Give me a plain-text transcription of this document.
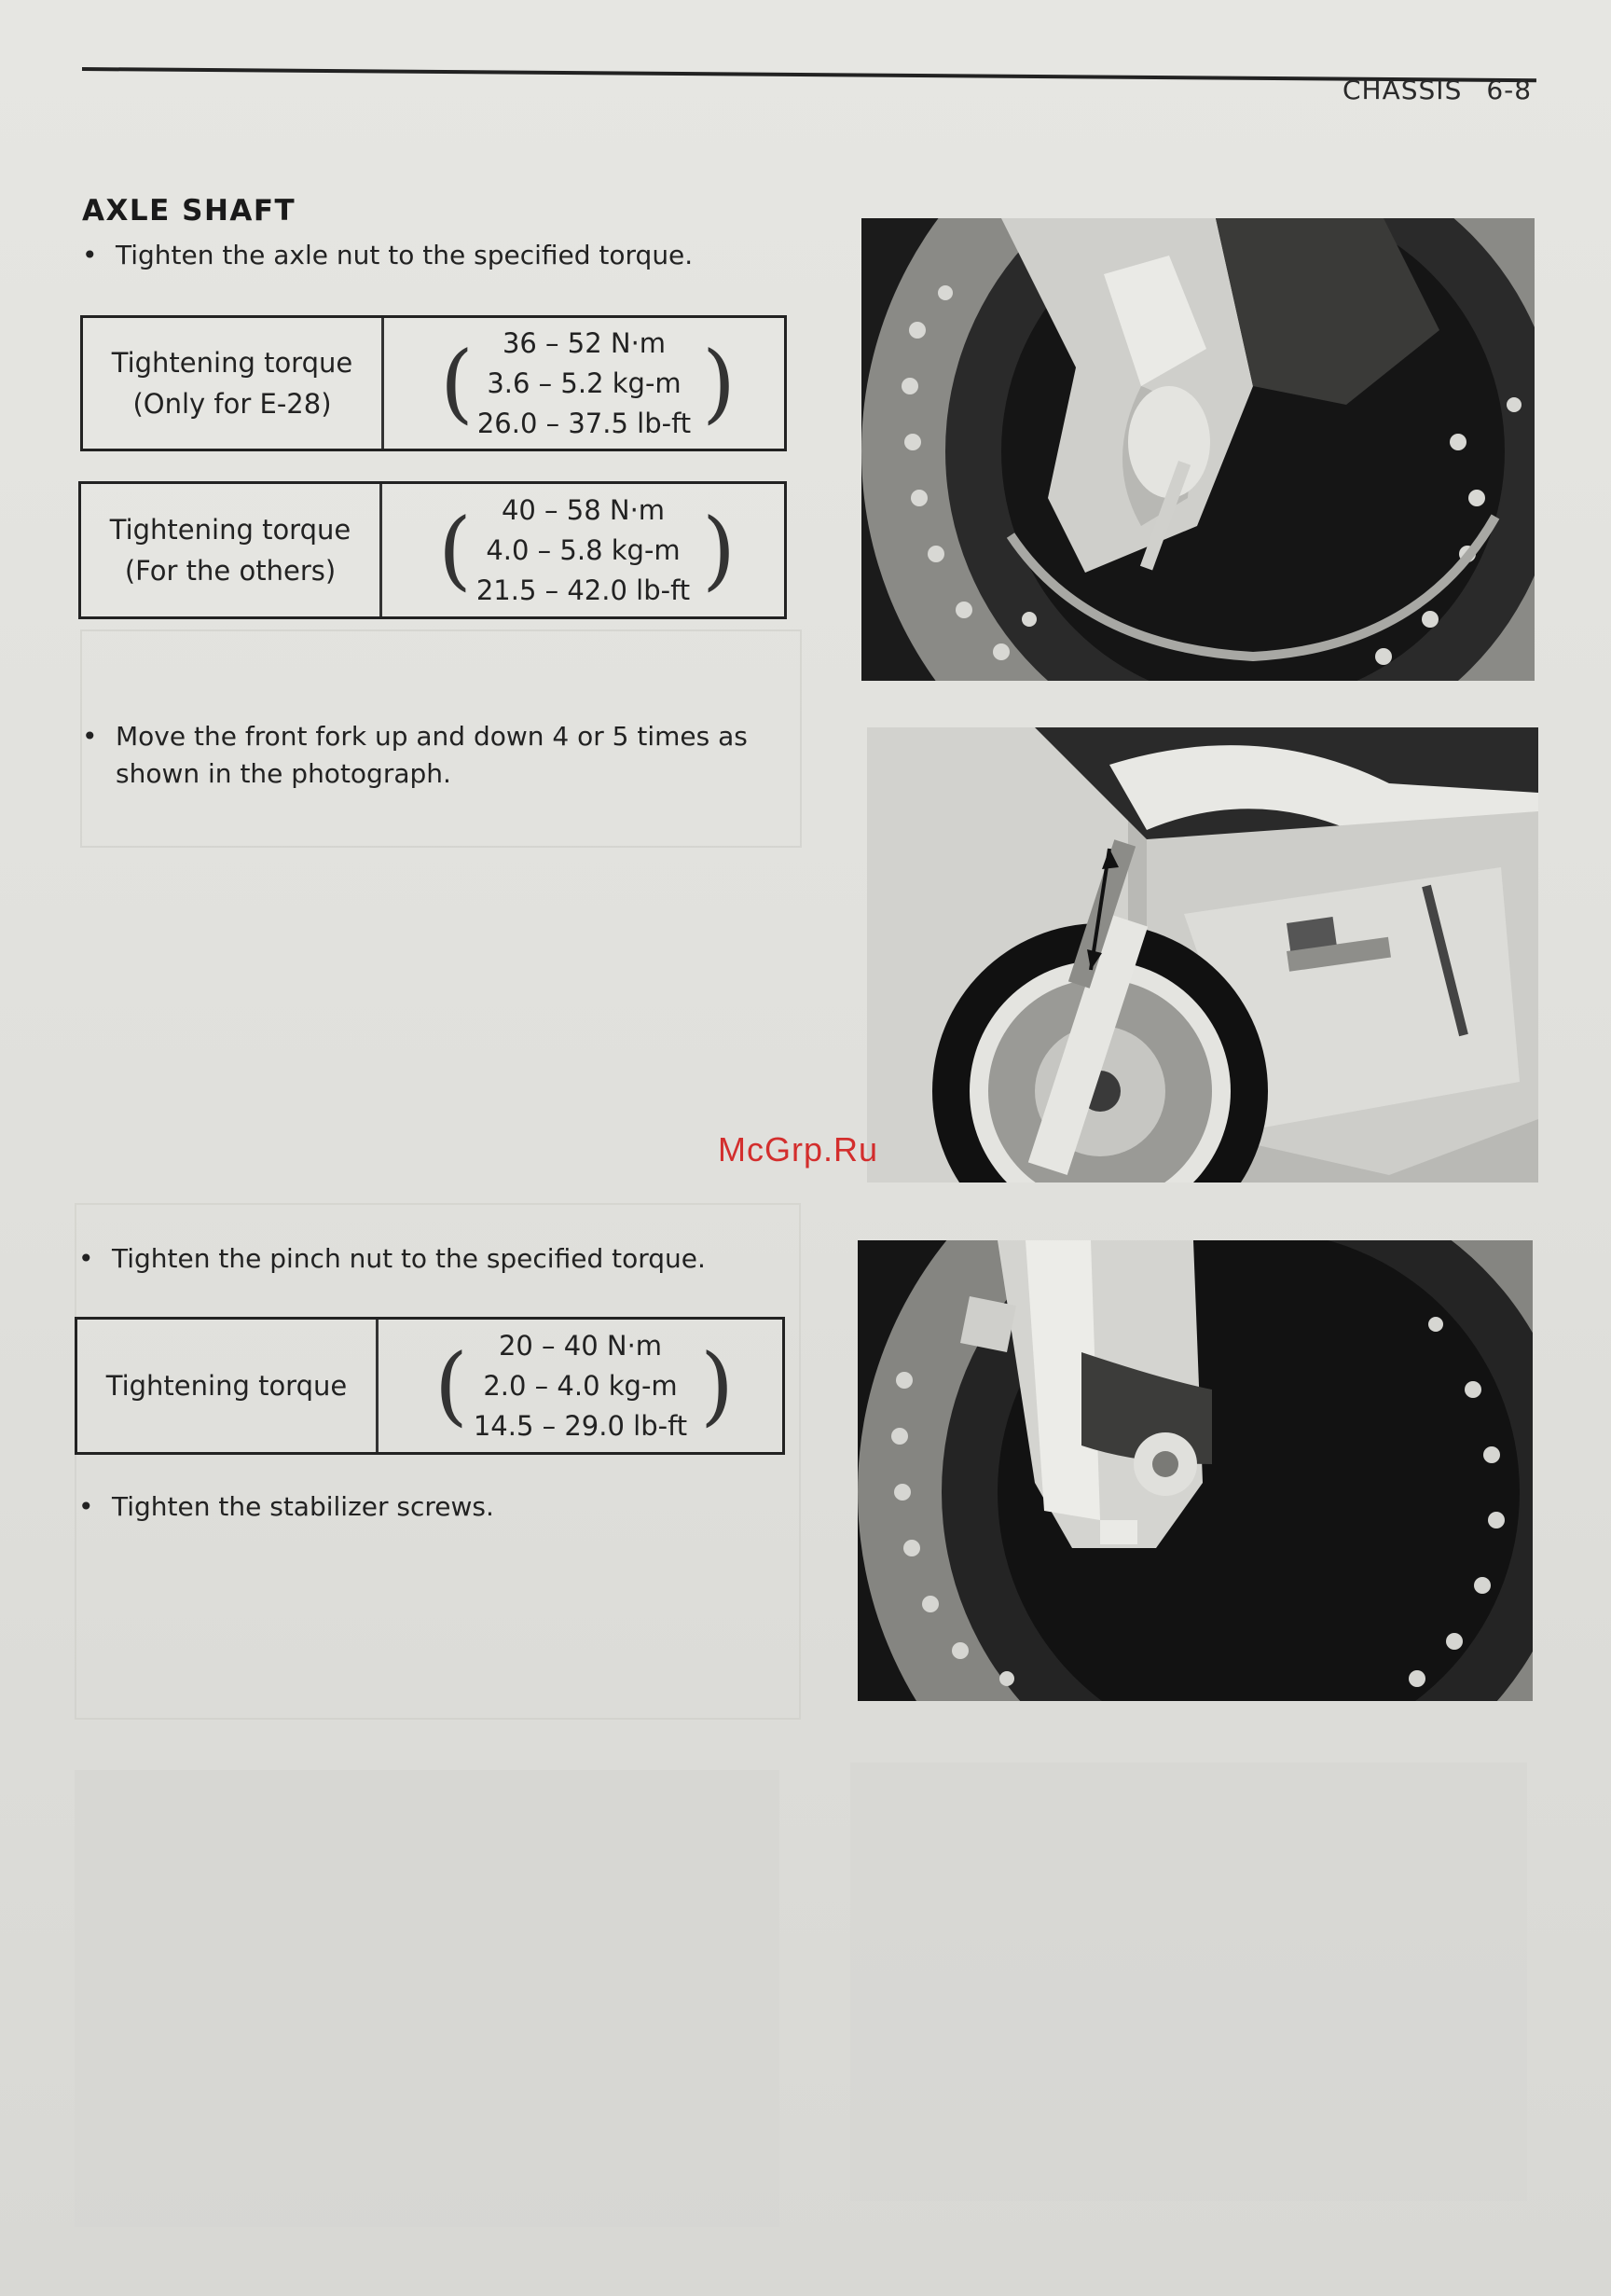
CHASSIS 6-8
AXLE SHAFT
• Tighten the axle nut to the specified torque.
Tightening torque
(Only for E-28) ( 36 – 52 N·m
3.6 – 5.2 kg-m
26.0 – 37.5 lb-ft )
Tightening torque
(For the others) ( 40 – 58 N·m
4.0 – 5.8 kg-m
21.5 – 42.0 lb-ft )
• Move the front fork up and down 4 or 5 times as
shown in the photograph.
• Tighten the pinch nut to the specified torque.
Tightening torque ( 20 – 40 N·m
2.0 – 4.0 kg-m
14.5 – 29.0 lb-ft )
• Tighten the stabilizer screws.
McGrp.Ru
